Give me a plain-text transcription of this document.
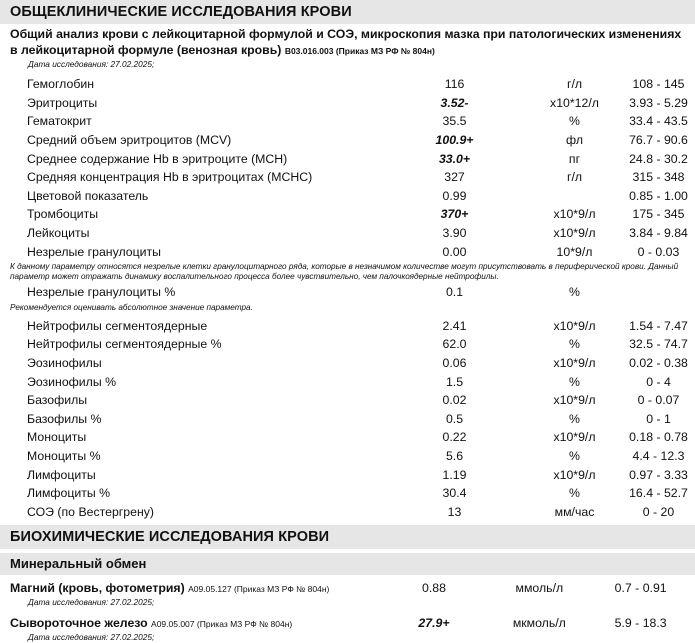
ОБЩЕКЛИНИЧЕСКИЕ ИССЛЕДОВАНИЯ КРОВИ
Общий анализ крови с лейкоцитарной формулой и СОЭ, микроскопия мазка при патологических изменениях в лейкоцитарной формуле (венозная кровь) B03.016.003 (Приказ МЗ РФ № 804н)
Дата исследования: 27.02.2025;
Гемоглобин	116	г/л	108 - 145
Эритроциты	3.52-	х10*12/л	3.93 - 5.29
Гематокрит	35.5	%	33.4 - 43.5
Средний объем эритроцитов (MCV)	100.9+	фл	76.7 - 90.6
Среднее содержание Hb в эритроците (MCH)	33.0+	пг	24.8 - 30.2
Средняя концентрация Hb в эритроцитах (MCHC)	327	г/л	315 - 348
Цветовой показатель	0.99		0.85 - 1.00
Тромбоциты	370+	х10*9/л	175 - 345
Лейкоциты	3.90	х10*9/л	3.84 - 9.84
Незрелые гранулоциты	0.00	10*9/л	0 - 0.03
К данному параметру относятся незрелые клетки гранулоцитарного ряда, которые в незначимом количестве могут присутствовать в периферической крови. Данный параметр может отражать динамику воспалительного процесса более чувствительно, чем палочкоядерные нейтрофилы.
Незрелые гранулоциты %	0.1	%	
Рекомендуется оценивать абсолютное значение параметра.
Нейтрофилы сегментоядерные	2.41	х10*9/л	1.54 - 7.47
Нейтрофилы сегментоядерные %	62.0	%	32.5 - 74.7
Эозинофилы	0.06	х10*9/л	0.02 - 0.38
Эозинофилы %	1.5	%	0 - 4
Базофилы	0.02	х10*9/л	0 - 0.07
Базофилы %	0.5	%	0 - 1
Моноциты	0.22	х10*9/л	0.18 - 0.78
Моноциты %	5.6	%	4.4 - 12.3
Лимфоциты	1.19	х10*9/л	0.97 - 3.33
Лимфоциты %	30.4	%	16.4 - 52.7
СОЭ (по Вестергрену)	13	мм/час	0 - 20
БИОХИМИЧЕСКИЕ ИССЛЕДОВАНИЯ КРОВИ
Минеральный обмен
Магний (кровь, фотометрия) A09.05.127 (Приказ МЗ РФ № 804н)	0.88	ммоль/л	0.7 - 0.91
Дата исследования: 27.02.2025;
Сывороточное железо A09.05.007 (Приказ МЗ РФ № 804н)	27.9+	мкмоль/л	5.9 - 18.3
Дата исследования: 27.02.2025;
